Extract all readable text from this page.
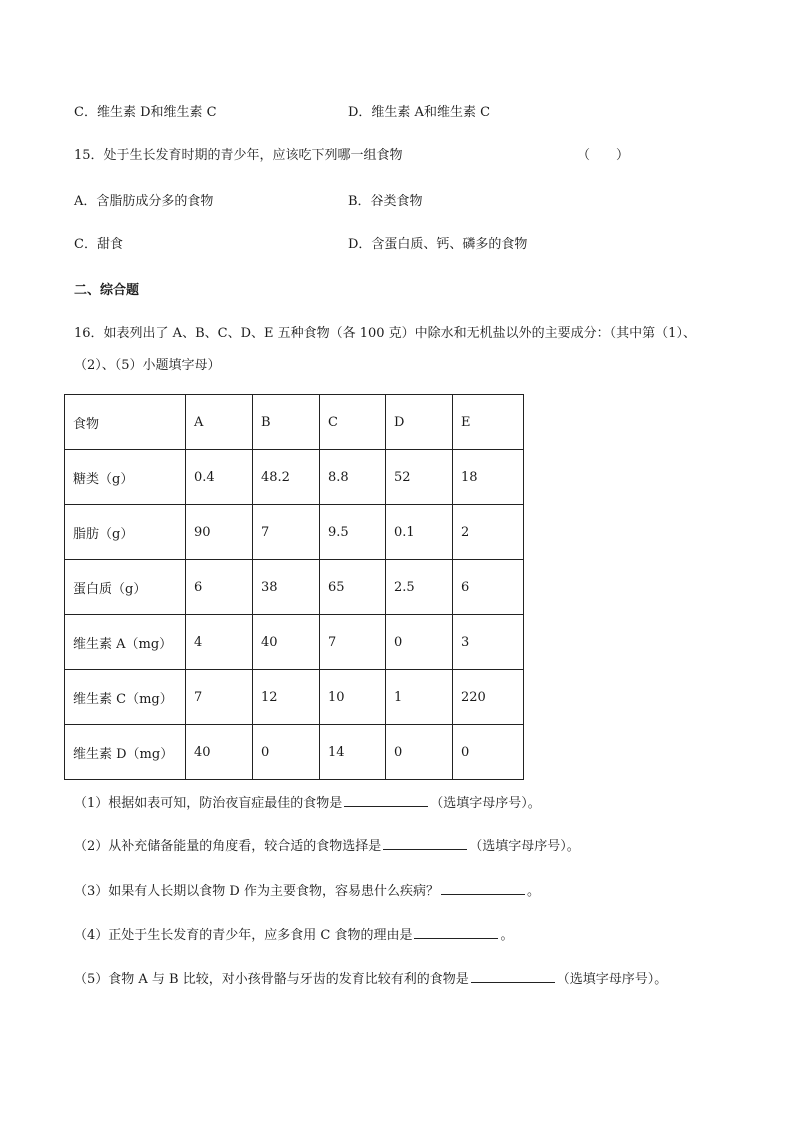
C．维生素 D和维生素 C	D．维生素 A和维生素 C
15．处于生长发育时期的青少年，应该吃下列哪一组食物	（　　）
A．含脂肪成分多的食物	B．谷类食物
C．甜食	D．含蛋白质、钙、磷多的食物
二、综合题
16．如表列出了 A、B、C、D、E 五种食物（各 100 克）中除水和无机盐以外的主要成分：（其中第（1）、
（2）、（5）小题填字母）
食物	A	B	C	D	E
糖类（g）	0.4	48.2	8.8	52	18
脂肪（g）	90	7	9.5	0.1	2
蛋白质（g）	6	38	65	2.5	6
维生素 A（mg）	4	40	7	0	3
维生素 C（mg）	7	12	10	1	220
维生素 D（mg）	40	0	14	0	0
（1）根据如表可知，防治夜盲症最佳的食物是	（选填字母序号）。
（2）从补充储备能量的角度看，较合适的食物选择是	（选填字母序号）。
（3）如果有人长期以食物 D 作为主要食物，容易患什么疾病？	。
（4）正处于生长发育的青少年，应多食用 C 食物的理由是	。
（5）食物 A 与 B 比较，对小孩骨骼与牙齿的发育比较有利的食物是	（选填字母序号）。
